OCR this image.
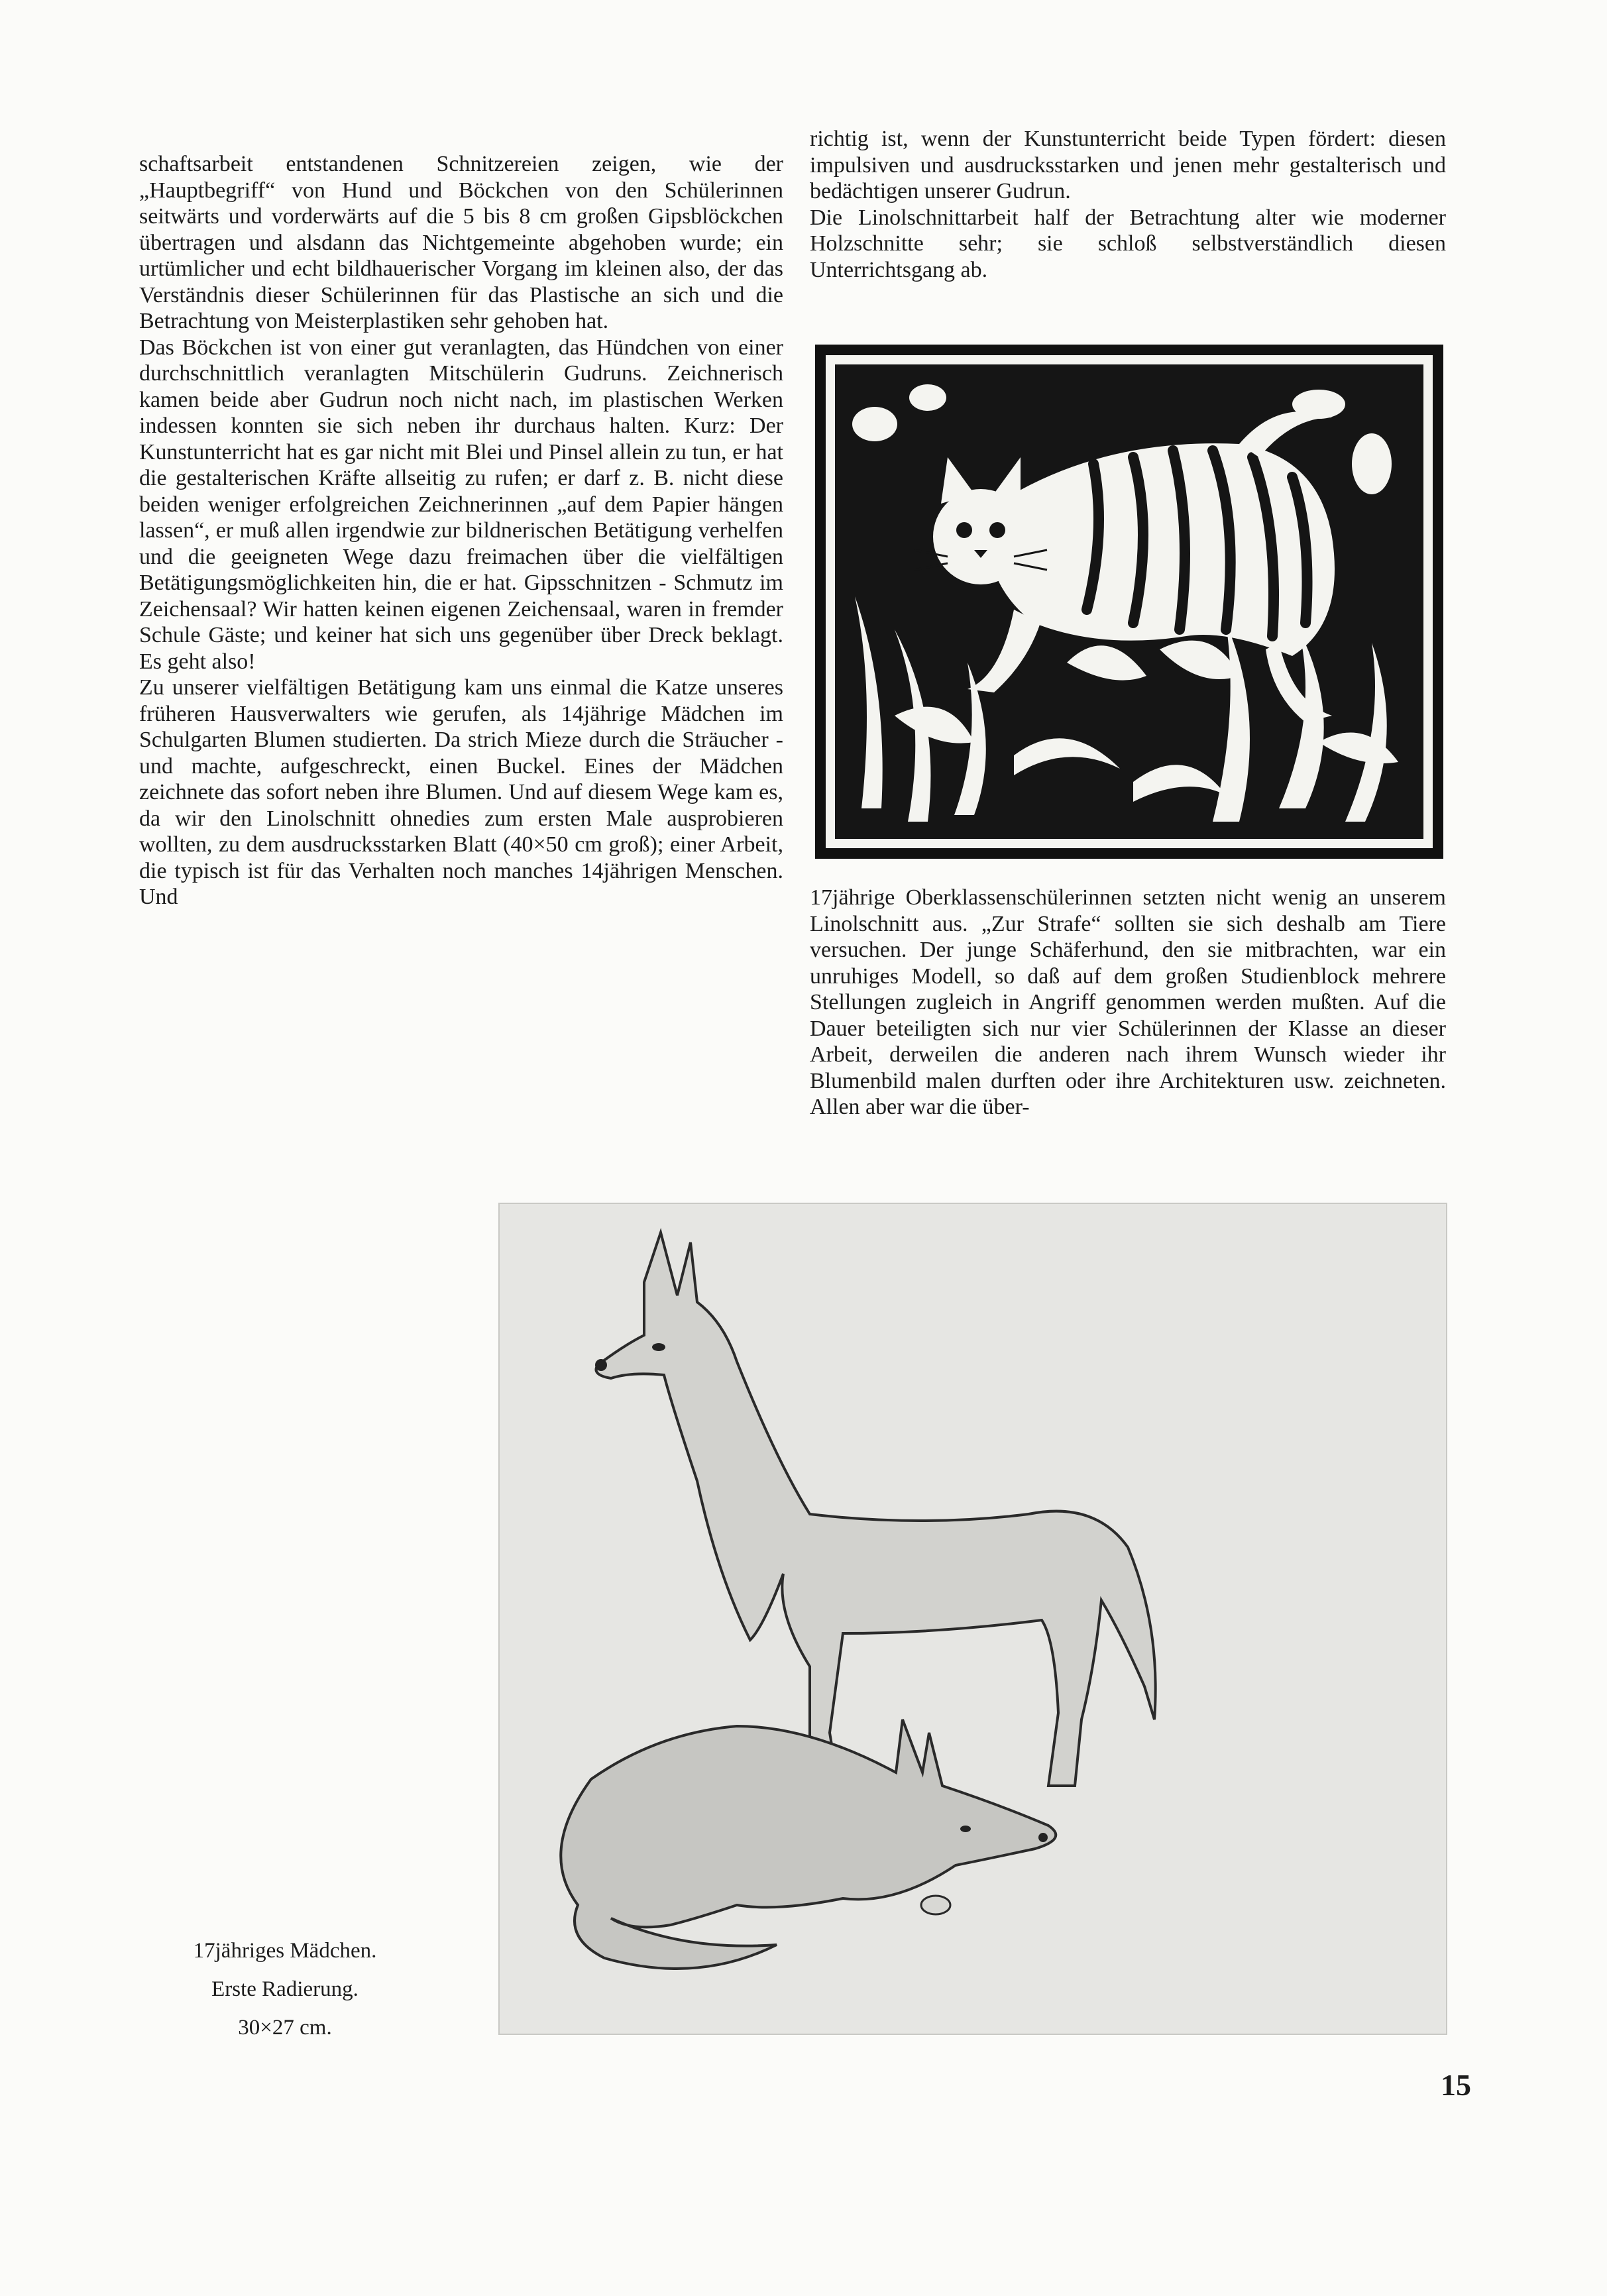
schaftsarbeit entstandenen Schnitzereien zeigen, wie der „Hauptbegriff“ von Hund und Böckchen von den Schülerinnen seitwärts und vorderwärts auf die 5 bis 8 cm großen Gipsblöckchen übertragen und alsdann das Nichtgemeinte abgehoben wurde; ein urtümlicher und echt bildhauerischer Vorgang im kleinen also, der das Verständnis dieser Schülerinnen für das Plastische an sich und die Betrachtung von Meisterplastiken sehr gehoben hat.

Das Böckchen ist von einer gut veranlagten, das Hündchen von einer durchschnittlich veranlagten Mitschülerin Gudruns. Zeichnerisch kamen beide aber Gudrun noch nicht nach, im plastischen Werken indessen konnten sie sich neben ihr durchaus halten. Kurz: Der Kunstunterricht hat es gar nicht mit Blei und Pinsel allein zu tun, er hat die gestalterischen Kräfte allseitig zu rufen; er darf z. B. nicht diese beiden weniger erfolgreichen Zeichnerinnen „auf dem Papier hängen lassen“, er muß allen irgendwie zur bildnerischen Betätigung verhelfen und die geeigneten Wege dazu freimachen über die vielfältigen Betätigungsmöglichkeiten hin, die er hat. Gipsschnitzen - Schmutz im Zeichensaal? Wir hatten keinen eigenen Zeichensaal, waren in fremder Schule Gäste; und keiner hat sich uns gegenüber über Dreck beklagt. Es geht also!

Zu unserer vielfältigen Betätigung kam uns einmal die Katze unseres früheren Hausverwalters wie gerufen, als 14jährige Mädchen im Schulgarten Blumen studierten. Da strich Mieze durch die Sträucher - und machte, aufgeschreckt, einen Buckel. Eines der Mädchen zeichnete das sofort neben ihre Blumen. Und auf diesem Wege kam es, da wir den Linolschnitt ohnedies zum ersten Male ausprobieren wollten, zu dem ausdrucksstarken Blatt (40×50 cm groß); einer Arbeit, die typisch ist für das Verhalten noch manches 14jährigen Menschen. Und

richtig ist, wenn der Kunstunterricht beide Typen fördert: diesen impulsiven und ausdrucksstarken und jenen mehr gestalterisch und bedächtigen unserer Gudrun.

Die Linolschnittarbeit half der Betrachtung alter wie moderner Holzschnitte sehr; sie schloß selbstverständlich diesen Unterrichtsgang ab.

17jährige Oberklassenschülerinnen setzten nicht wenig an unserem Linolschnitt aus. „Zur Strafe“ sollten sie sich deshalb am Tiere versuchen. Der junge Schäferhund, den sie mitbrachten, war ein unruhiges Modell, so daß auf dem großen Studienblock mehrere Stellungen zugleich in Angriff genommen werden mußten. Auf die Dauer beteiligten sich nur vier Schülerinnen der Klasse an dieser Arbeit, derweilen die anderen nach ihrem Wunsch wieder ihr Blumenbild malen durften oder ihre Architekturen usw. zeichneten. Allen aber war die über-

17jähriges Mädchen.
Erste Radierung.
30×27 cm.
15
